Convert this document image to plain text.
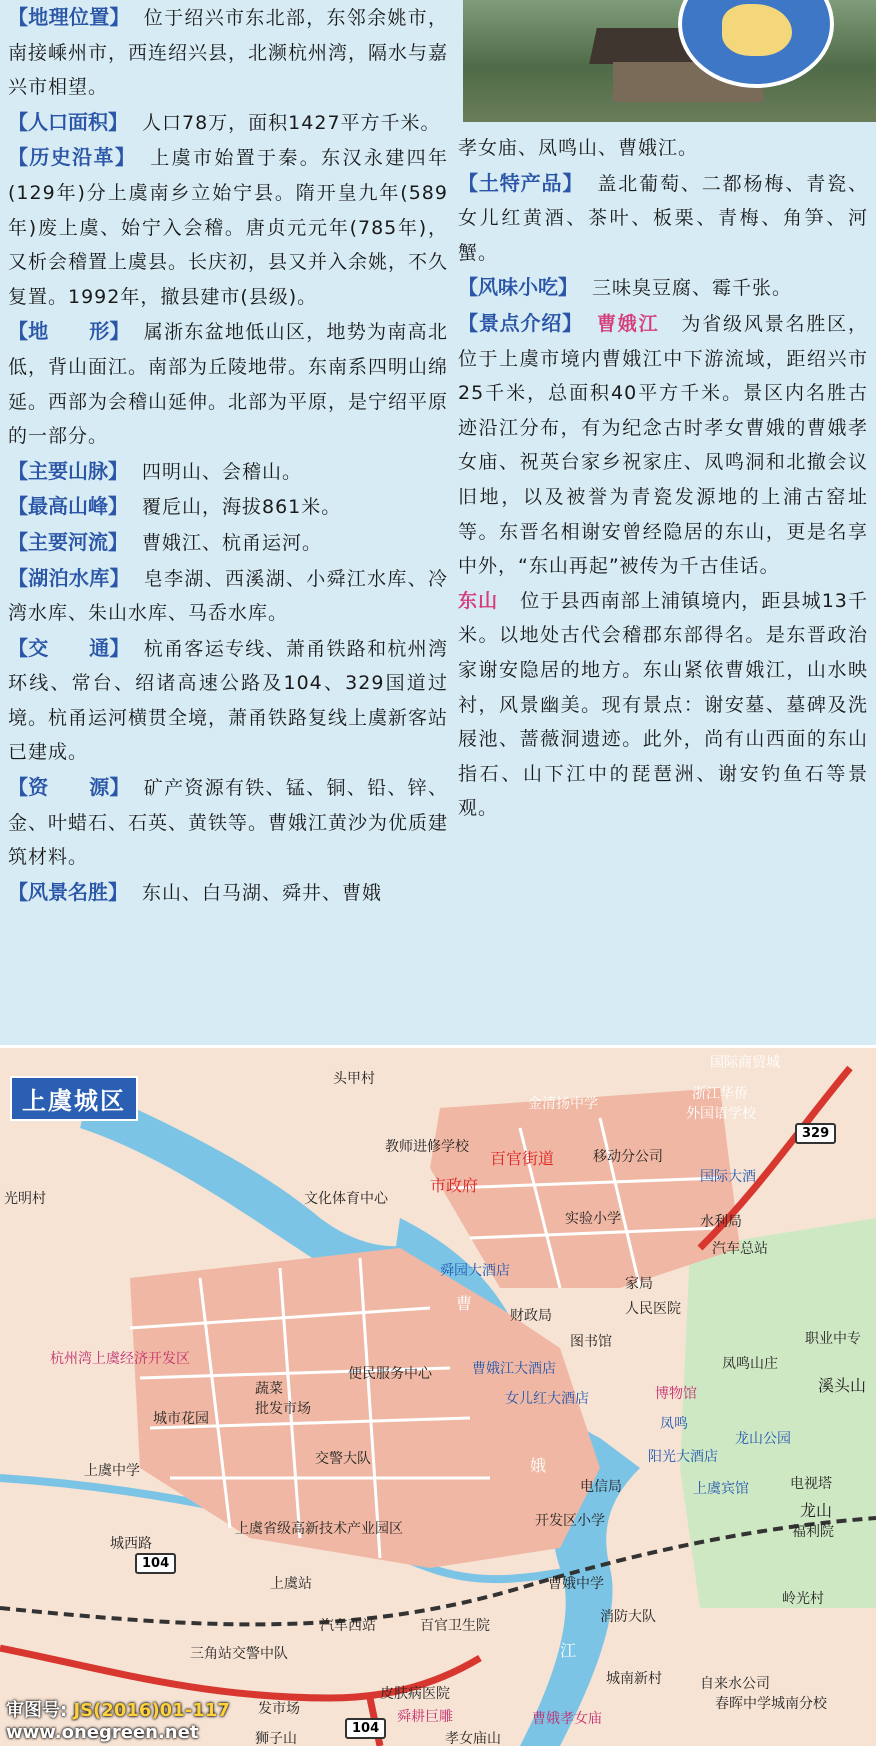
【地理位置】 位于绍兴市东北部，东邻余姚市，南接嵊州市，西连绍兴县，北濒杭州湾，隔水与嘉兴市相望。
【人口面积】 人口78万，面积1427平方千米。
【历史沿革】 上虞市始置于秦。东汉永建四年(129年)分上虞南乡立始宁县。隋开皇九年(589年)废上虞、始宁入会稽。唐贞元元年(785年)，又析会稽置上虞县。长庆初，县又并入余姚，不久复置。1992年，撤县建市(县级)。
【地　　形】 属浙东盆地低山区，地势为南高北低，背山面江。南部为丘陵地带。东南系四明山绵延。西部为会稽山延伸。北部为平原，是宁绍平原的一部分。
【主要山脉】 四明山、会稽山。
【最高山峰】 覆卮山，海拔861米。
【主要河流】 曹娥江、杭甬运河。
【湖泊水库】 皂李湖、西溪湖、小舜江水库、冷湾水库、朱山水库、马岙水库。
【交　　通】 杭甬客运专线、萧甬铁路和杭州湾环线、常台、绍诸高速公路及104、329国道过境。杭甬运河横贯全境，萧甬铁路复线上虞新客站已建成。
【资　　源】 矿产资源有铁、锰、铜、铅、锌、金、叶蜡石、石英、黄铁等。曹娥江黄沙为优质建筑材料。
【风景名胜】 东山、白马湖、舜井、曹娥
孝女庙、凤鸣山、曹娥江。
【土特产品】 盖北葡萄、二都杨梅、青瓷、女儿红黄酒、茶叶、板栗、青梅、角笋、河蟹。
【风味小吃】 三味臭豆腐、霉千张。
【景点介绍】 曹娥江 为省级风景名胜区，位于上虞市境内曹娥江中下游流域，距绍兴市25千米，总面积40平方千米。景区内名胜古迹沿江分布，有为纪念古时孝女曹娥的曹娥孝女庙、祝英台家乡祝家庄、凤鸣洞和北撤会议旧地，以及被誉为青瓷发源地的上浦古窑址等。东晋名相谢安曾经隐居的东山，更是名享中外，“东山再起”被传为千古佳话。
东山 位于县西南部上浦镇境内，距县城13千米。以地处古代会稽郡东部得名。是东晋政治家谢安隐居的地方。东山紧依曹娥江，山水映衬，风景幽美。现有景点：谢安墓、墓碑及洗屐池、蔷薇洞遗迹。此外，尚有山西面的东山指石、山下江中的琵琶洲、谢安钓鱼石等景观。
上虞城区
国际商贸城
头甲村
金清扬中学
浙江华侨
外国语学校
329
教师进修学校
百官街道	移动分公司
市政府	国际大酒
光明村	文化体育中心
实验小学	水利局
汽车总站
舜园大酒店
家局
财政局	人民医院
图书馆	职业中专
凤鸣山庄
溪头山
杭州湾上虞经济开发区
便民服务中心	曹娥江大酒店
女儿红大酒店	博物馆
蔬菜
批发市场
城市花园
龙山公园
交警大队
凤鸣
阳光大酒店
上虞中学
上虞宾馆	电视塔
电信局
龙山
福利院
上虞省级高新技术产业园区	开发区小学
上虞站	曹娥中学
104
汽车西站	百官卫生院
消防大队
岭光村
三角站交警中队
城南新村	自来水公司
春晖中学城南分校
舜耕巨雕
皮肤病医院
曹娥孝女庙
孝女庙山
狮子山
发市场
104
曹
娥
江
城西路
审图号: JS(2016)01-117
www.onegreen.net
